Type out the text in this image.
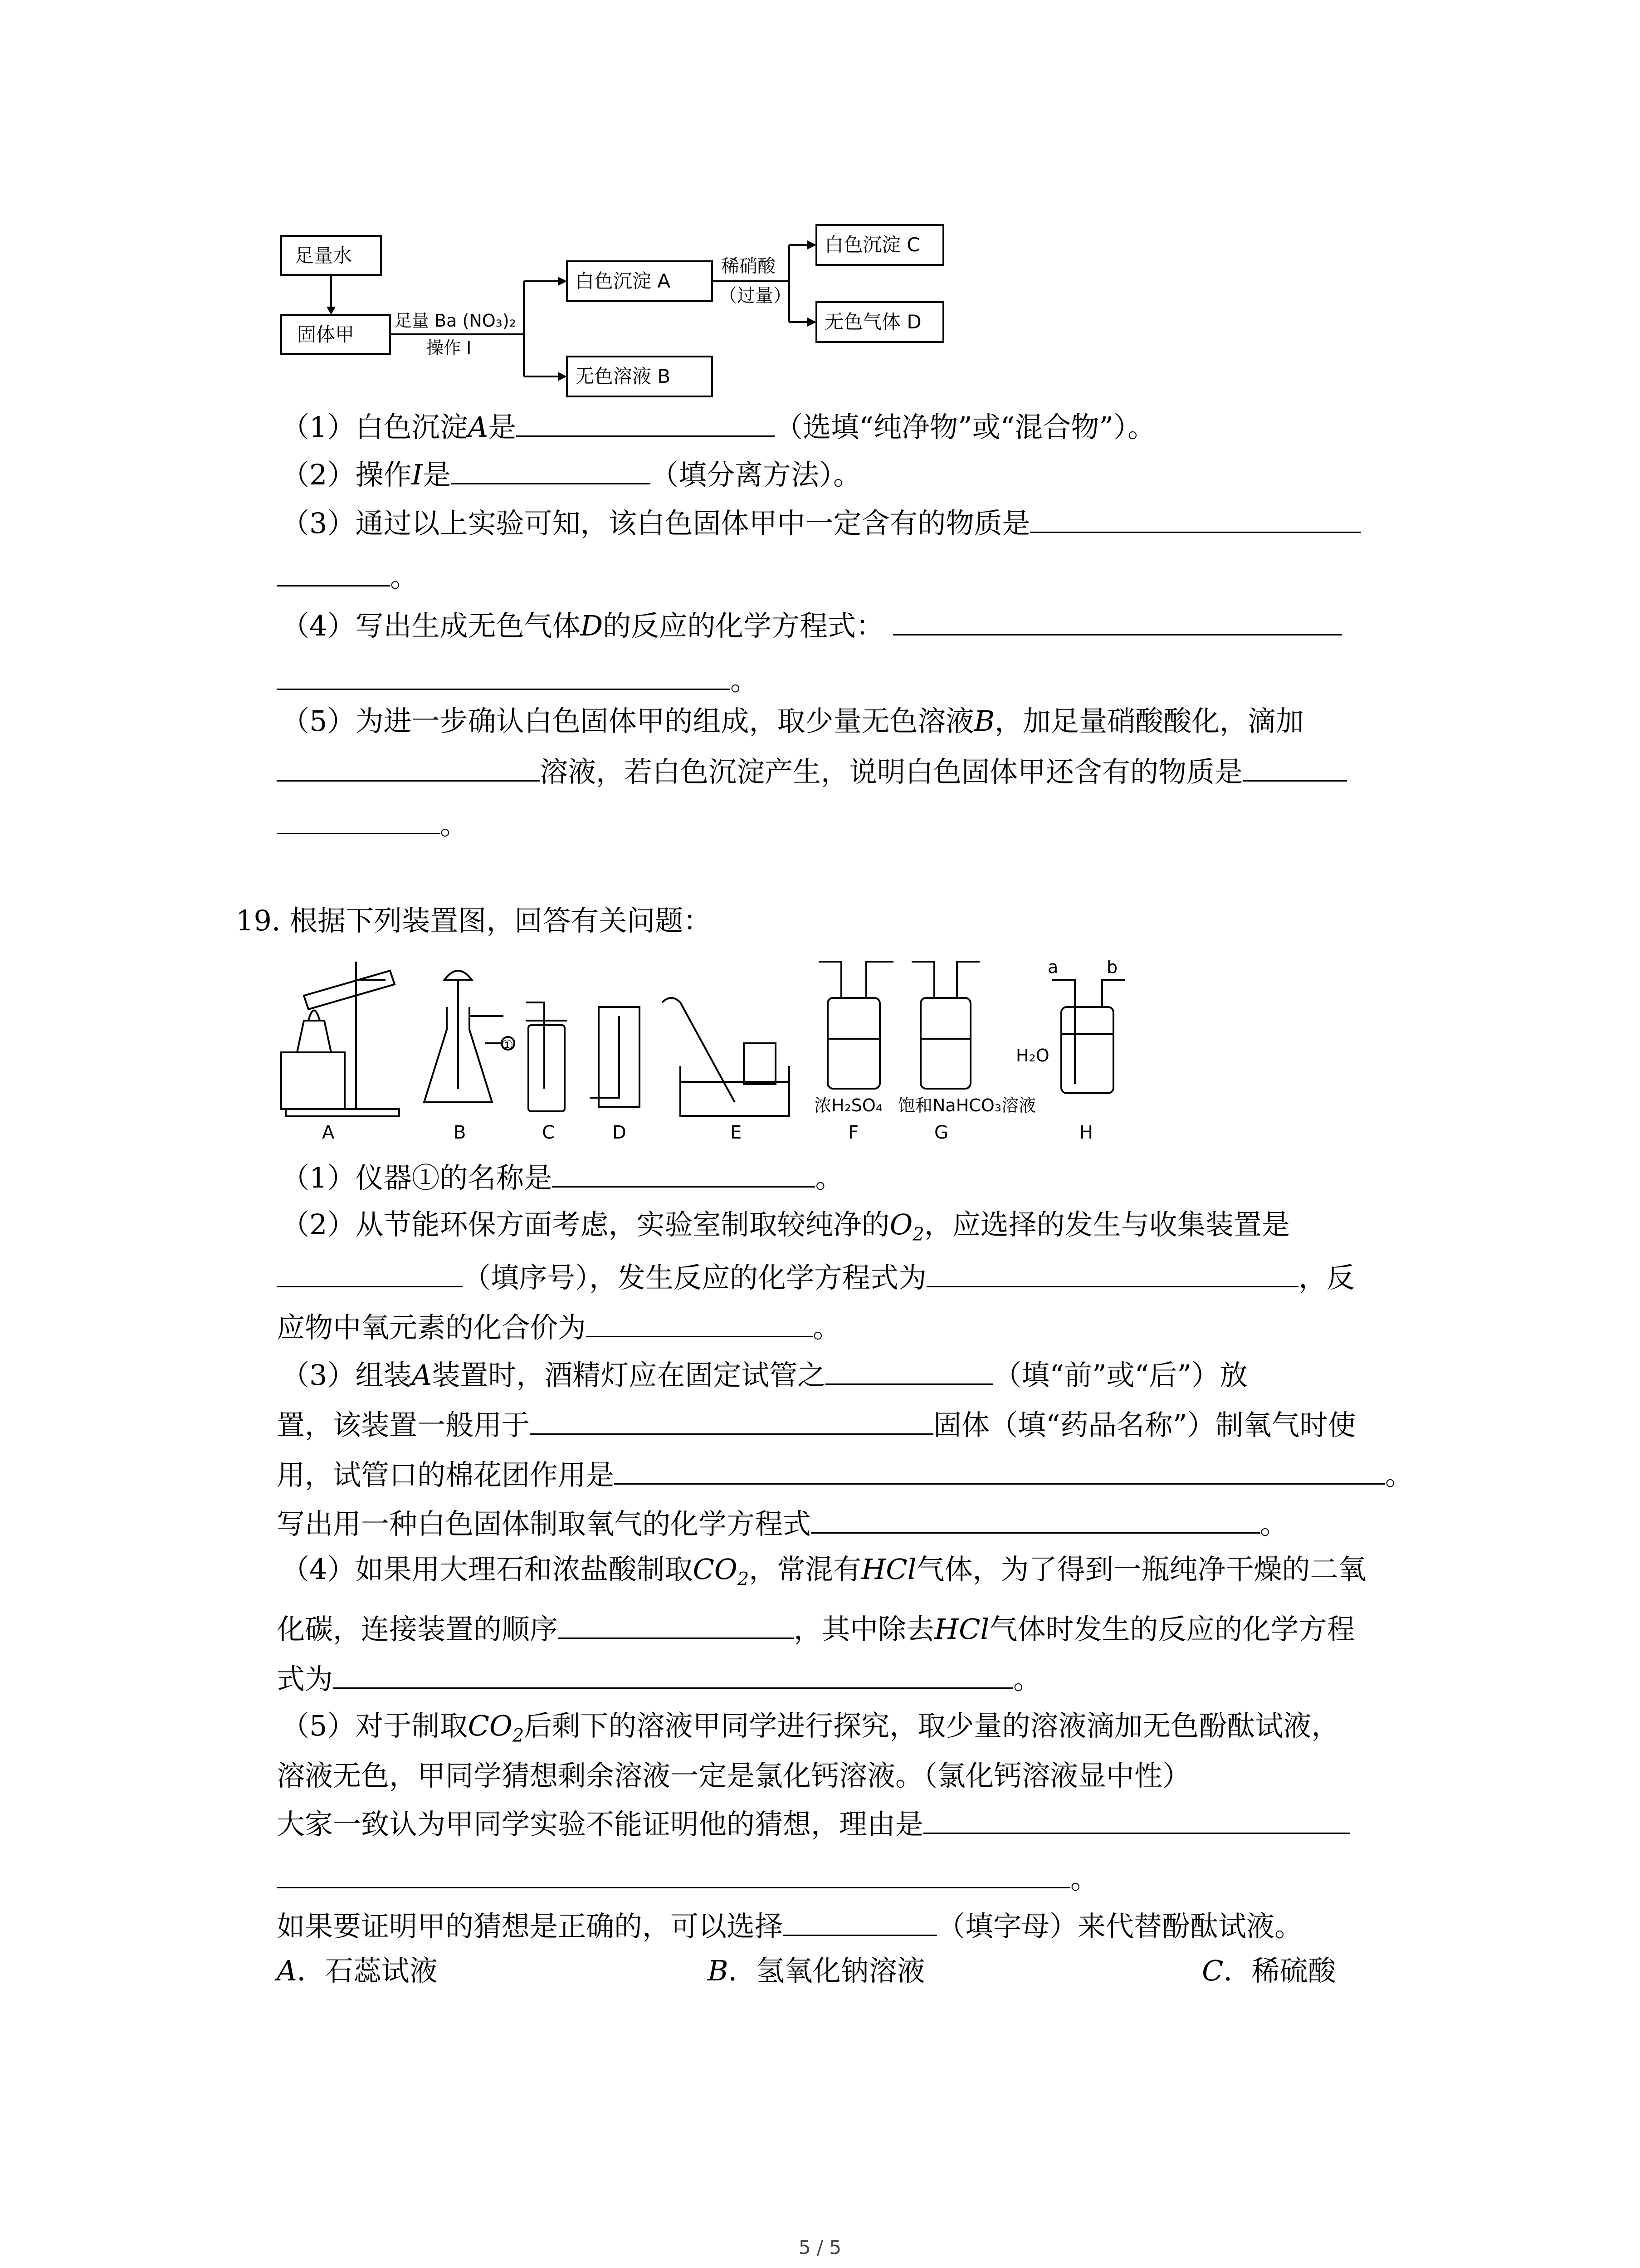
足量水
固体甲
足量 Ba (NO₃)₂
操作 I
白色沉淀 A
无色溶液 B
稀硝酸
（过量）
白色沉淀 C
无色气体 D
（1）白色沉淀A是	（选填“纯净物”或“混合物”）。
（2）操作I是	（填分离方法）。
（3）通过以上实验可知，该白色固体甲中一定含有的物质是
。
（4）写出生成无色气体D的反应的化学方程式：
。
（5）为进一步确认白色固体甲的组成，取少量无色溶液B，加足量硝酸酸化，滴加
溶液，若白色沉淀产生，说明白色固体甲还含有的物质是
。
19. 根据下列装置图，回答有关问题：
A	B	C	D	E	F	G	H
①
浓H₂SO₄ 饱和NaHCO₃溶液
a	b
H₂O
（1）仪器①的名称是	。
（2）从节能环保方面考虑，实验室制取较纯净的$O_2$，应选择的发生与收集装置是
（填序号），发生反应的化学方程式为	，反
应物中氧元素的化合价为	。
（3）组装A装置时，酒精灯应在固定试管之	（填“前”或“后”）放
置，该装置一般用于	固体（填“药品名称”）制氧气时使
用，试管口的棉花团作用是	。
写出用一种白色固体制取氧气的化学方程式	。
（4）如果用大理石和浓盐酸制取$CO_2$，常混有HCl气体，为了得到一瓶纯净干燥的二氧
化碳，连接装置的顺序	，其中除去HCl气体时发生的反应的化学方程
式为	。
（5）对于制取$CO_2$后剩下的溶液甲同学进行探究，取少量的溶液滴加无色酚酞试液，
溶液无色，甲同学猜想剩余溶液一定是氯化钙溶液。（氯化钙溶液显中性）
大家一致认为甲同学实验不能证明他的猜想，理由是
。
如果要证明甲的猜想是正确的，可以选择	（填字母）来代替酚酞试液。
A．石蕊试液	B．氢氧化钠溶液	C．稀硫酸
5 / 5
